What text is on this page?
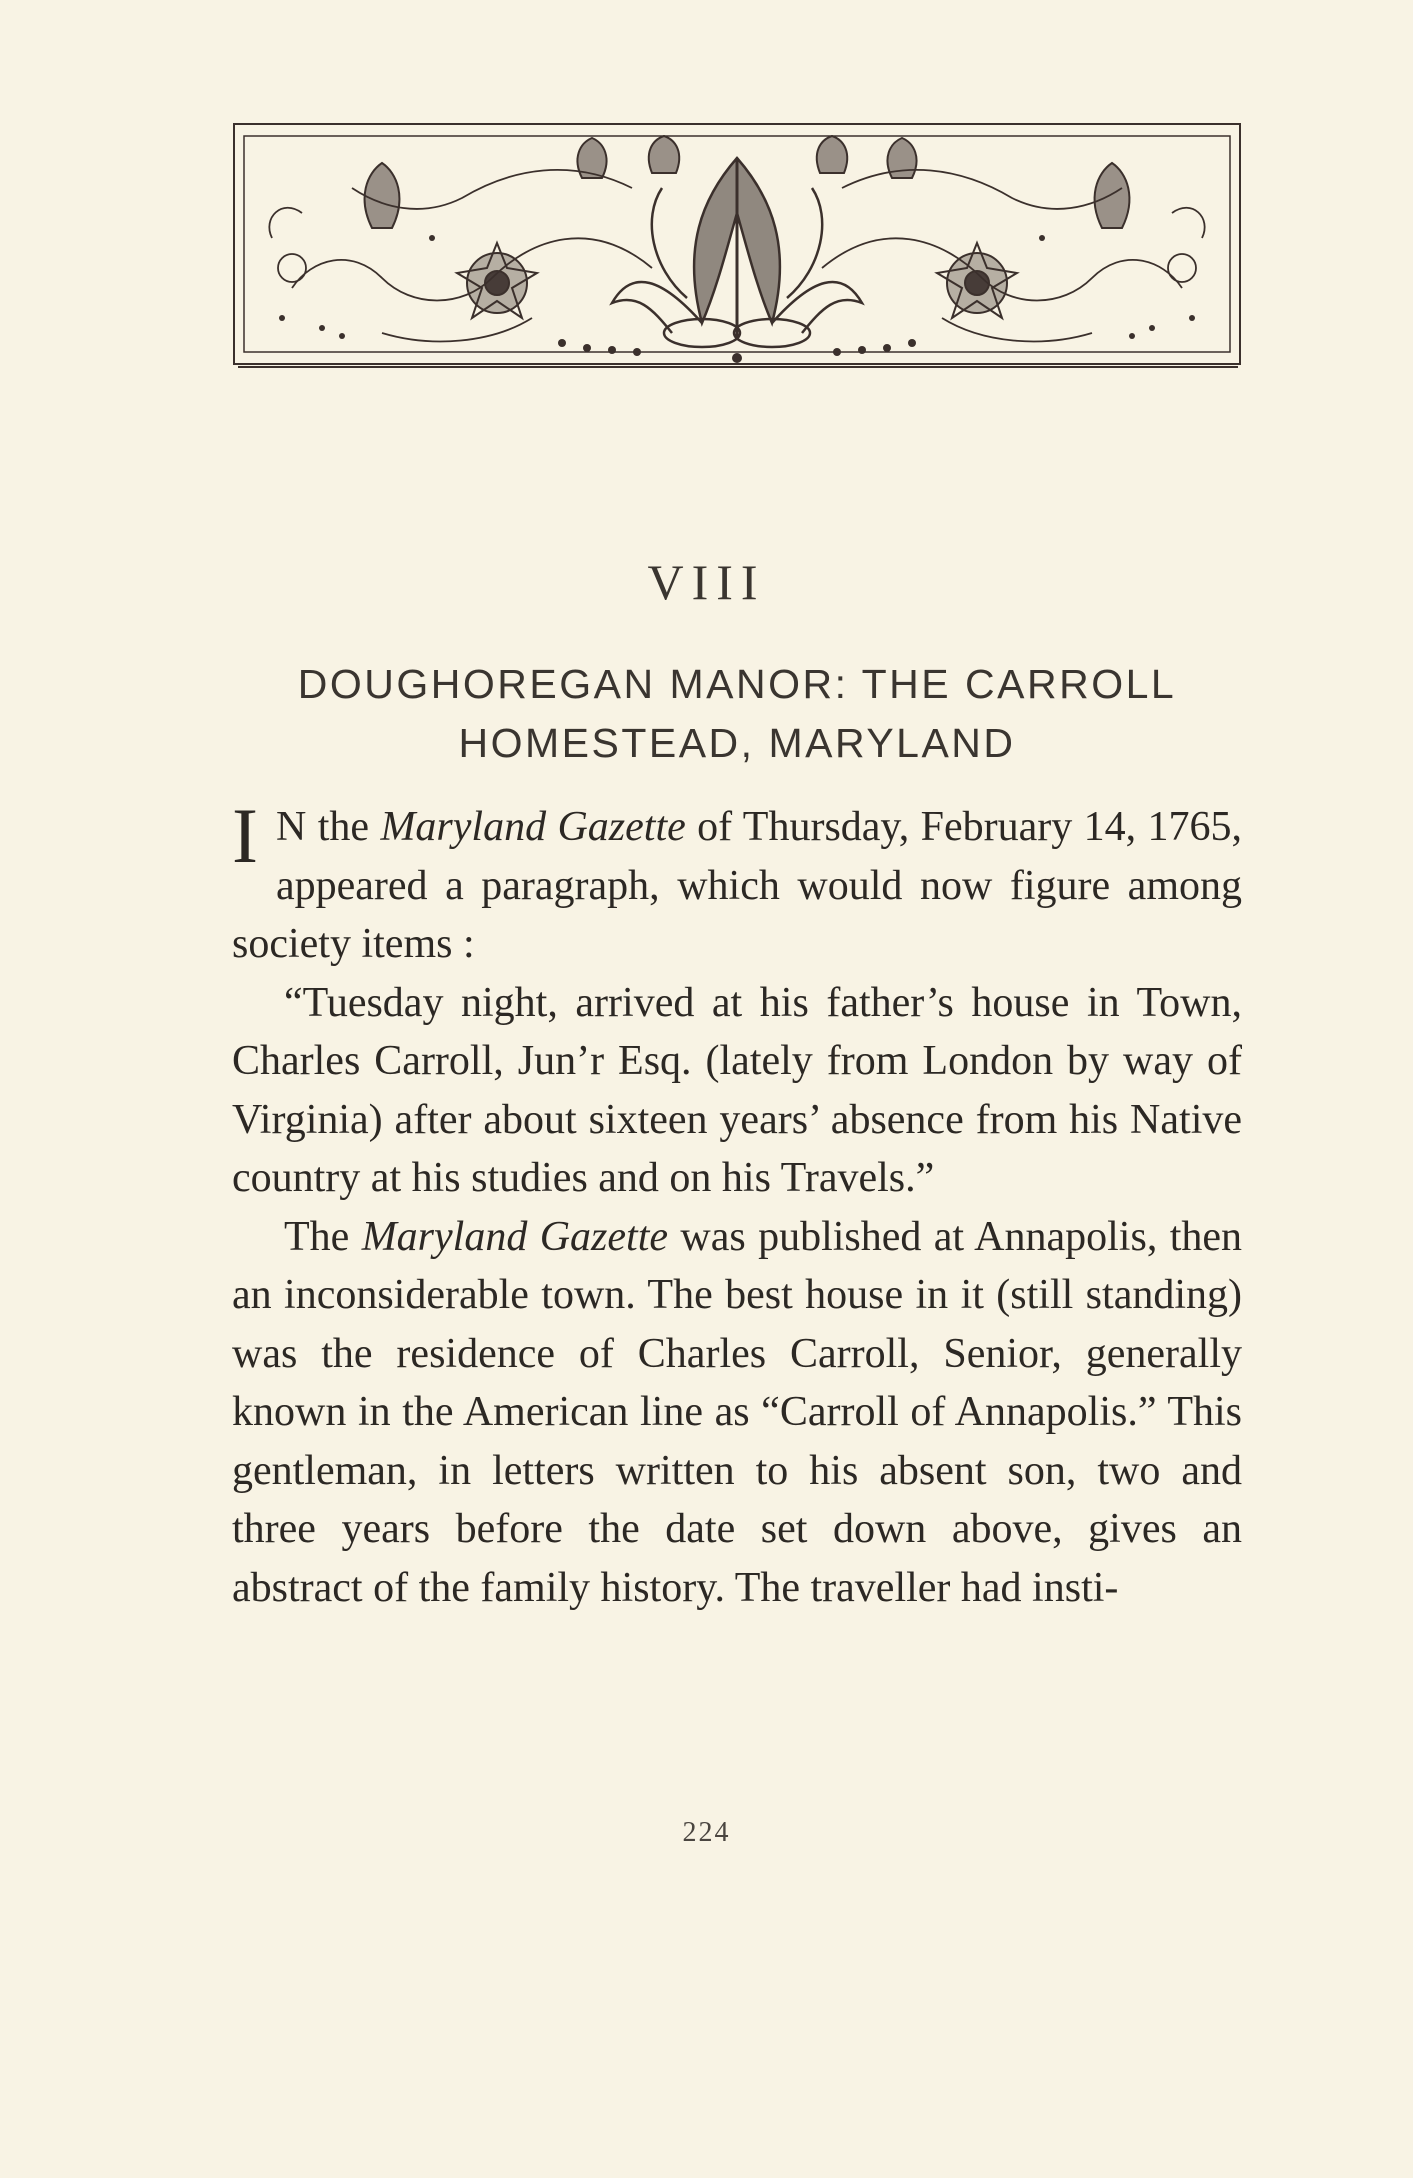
VIII
DOUGHOREGAN MANOR: THE CARROLL
HOMESTEAD, MARYLAND

I N the Maryland Gazette of Thursday, February 14, 1765, appeared a paragraph, which would now figure among society items :

“Tuesday night, arrived at his father’s house in Town, Charles Carroll, Jun’r Esq. (lately from London by way of Virginia) after about sixteen years’ absence from his Native country at his studies and on his Travels.”

The Maryland Gazette was published at Annapolis, then an inconsiderable town. The best house in it (still standing) was the residence of Charles Carroll, Senior, generally known in the American line as “Carroll of Annapolis.” This gentleman, in letters written to his absent son, two and three years before the date set down above, gives an abstract of the family history. The traveller had insti-

224
